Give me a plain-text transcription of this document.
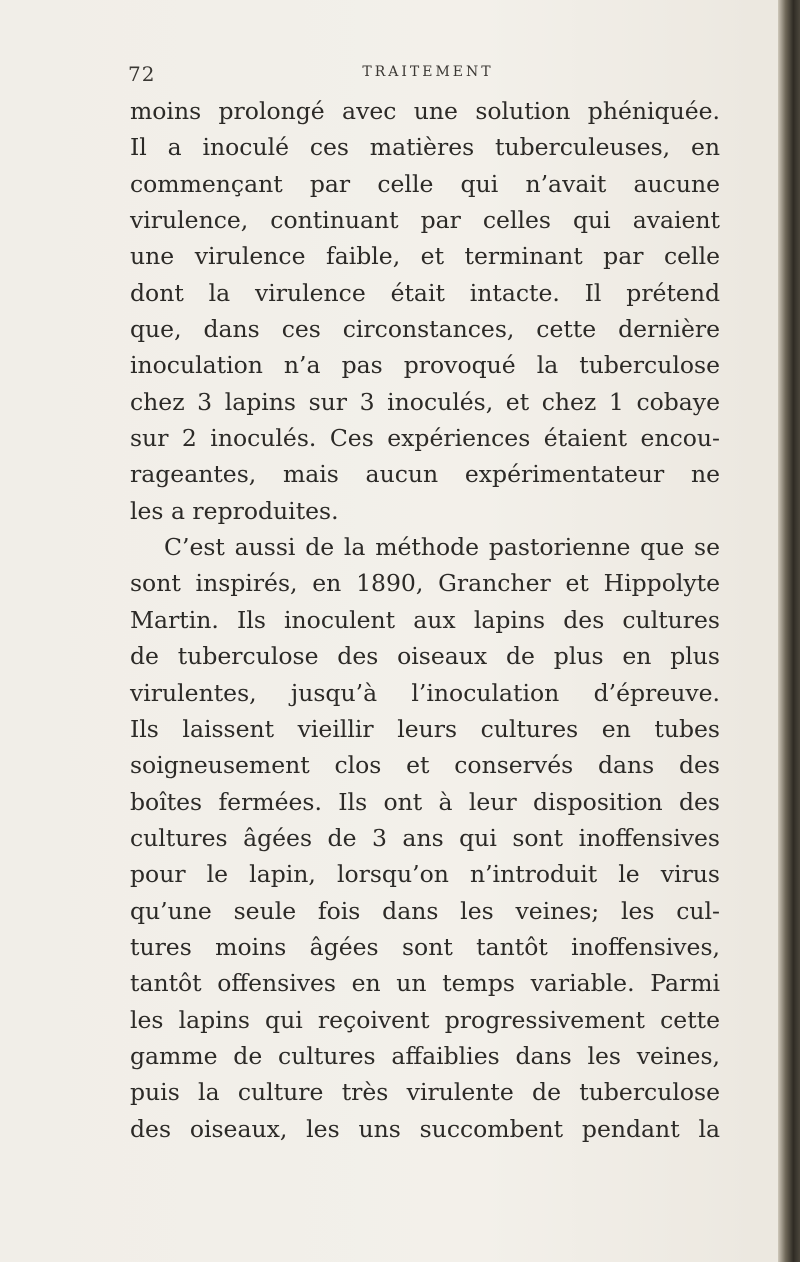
72	TRAITEMENT
moins prolongé avec une solution phéniquée.
Il a inoculé ces matières tuberculeuses, en
commençant par celle qui n’avait aucune
virulence, continuant par celles qui avaient
une virulence faible, et terminant par celle
dont la virulence était intacte. Il prétend
que, dans ces circonstances, cette dernière
inoculation n’a pas provoqué la tuberculose
chez 3 lapins sur 3 inoculés, et chez 1 cobaye
sur 2 inoculés. Ces expériences étaient encou-
rageantes, mais aucun expérimentateur ne
les a reproduites.
C’est aussi de la méthode pastorienne que se
sont inspirés, en 1890, Grancher et Hippolyte
Martin. Ils inoculent aux lapins des cultures
de tuberculose des oiseaux de plus en plus
virulentes, jusqu’à l’inoculation d’épreuve.
Ils laissent vieillir leurs cultures en tubes
soigneusement clos et conservés dans des
boîtes fermées. Ils ont à leur disposition des
cultures âgées de 3 ans qui sont inoffensives
pour le lapin, lorsqu’on n’introduit le virus
qu’une seule fois dans les veines; les cul-
tures moins âgées sont tantôt inoffensives,
tantôt offensives en un temps variable. Parmi
les lapins qui reçoivent progressivement cette
gamme de cultures affaiblies dans les veines,
puis la culture très virulente de tuberculose
des oiseaux, les uns succombent pendant la
